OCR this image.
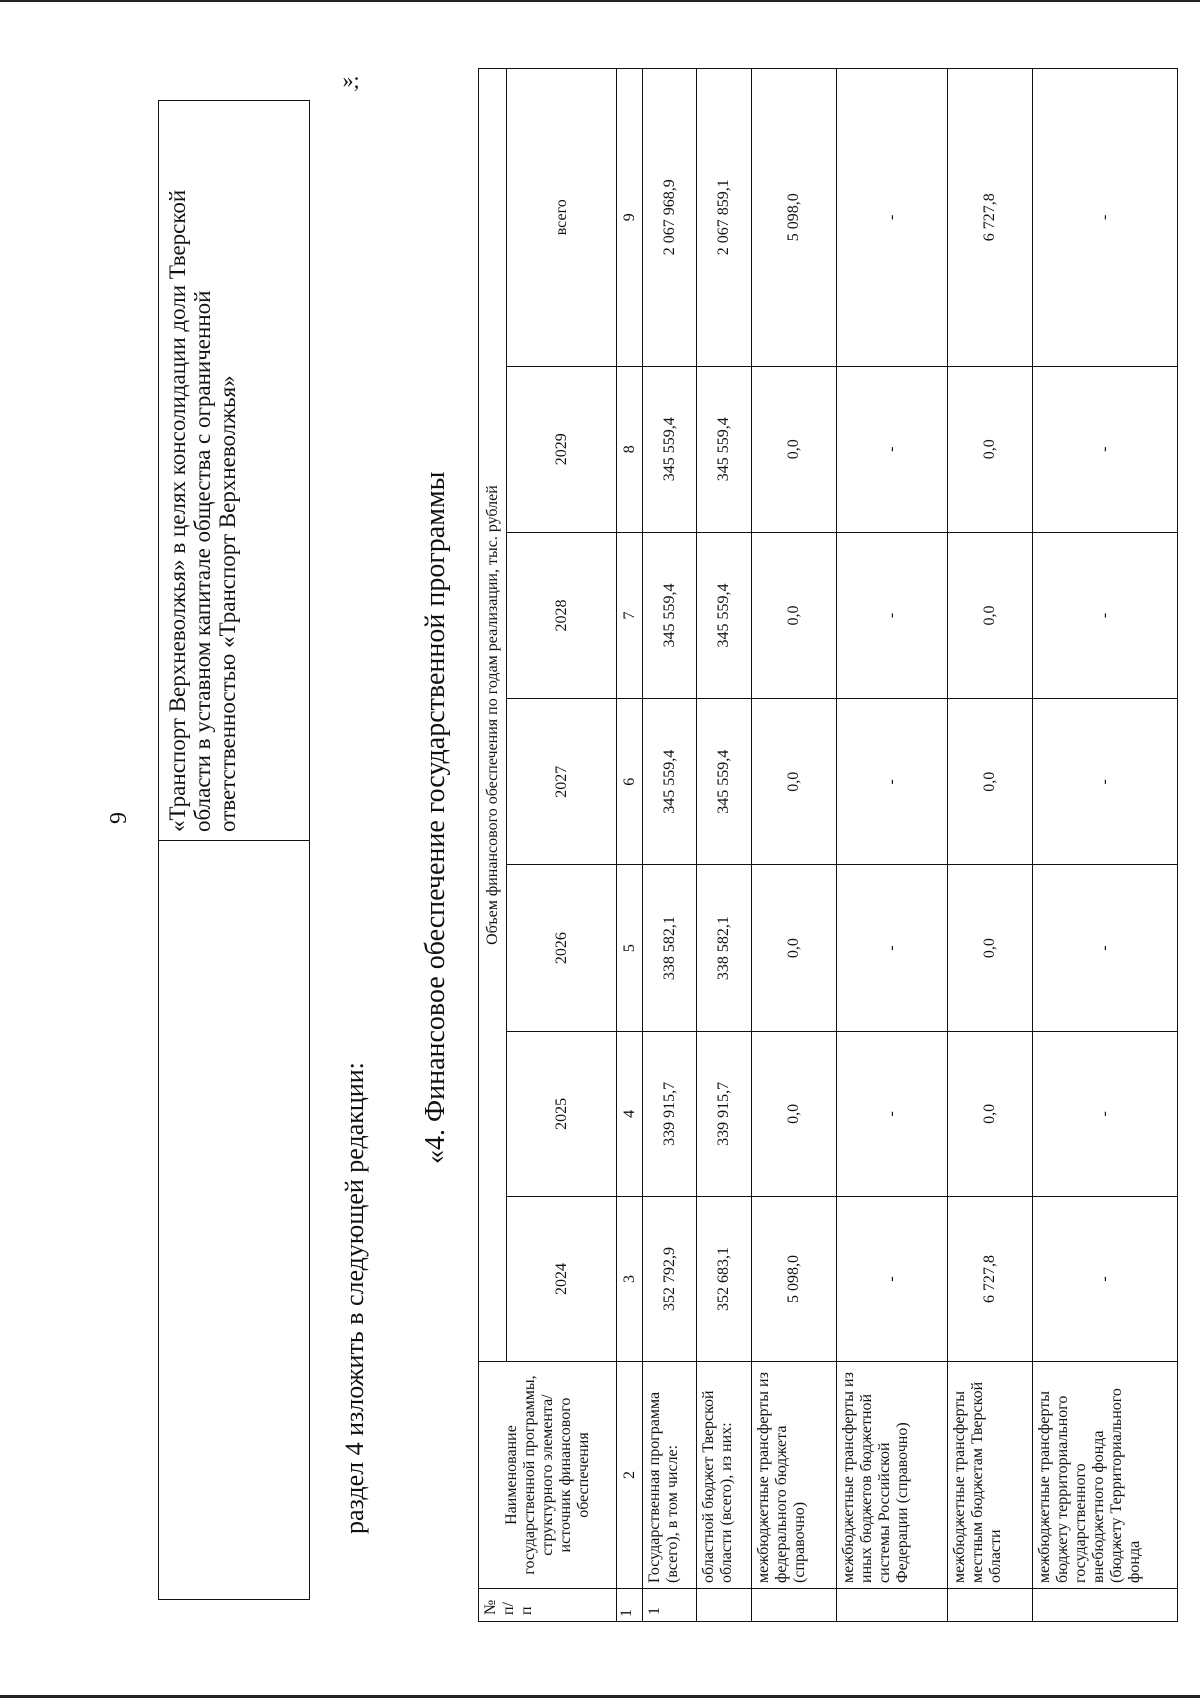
9
»;
	«Транспорт Верхневолжья» в целях консолидации доли Тверской области в уставном капитале общества с ограниченной ответственностью «Транспорт Верхневолжья»
раздел 4 изложить в следующей редакции:
«4. Финансовое обеспечение государственной программы
№ п/п	Наименование государственной программы, структурного элемента/ источник финансового обеспечения	Объем финансового обеспечения по годам реализации, тыс. рублей						
		2024	2025	2026	2027	2028	2029	всего
1	2	3	4	5	6	7	8	9
1	Государственная программа (всего), в том числе:	352 792,9	339 915,7	338 582,1	345 559,4	345 559,4	345 559,4	2 067 968,9
	областной бюджет Тверской области (всего), из них:	352 683,1	339 915,7	338 582,1	345 559,4	345 559,4	345 559,4	2 067 859,1
	межбюджетные трансферты из федерального бюджета (справочно)	5 098,0	0,0	0,0	0,0	0,0	0,0	5 098,0
	межбюджетные трансферты из иных бюджетов бюджетной системы Российской Федерации (справочно)	-	-	-	-	-	-	-
	межбюджетные трансферты местным бюджетам Тверской области	6 727,8	0,0	0,0	0,0	0,0	0,0	6 727,8
	межбюджетные трансферты бюджету территориального государственного внебюджетного фонда (бюджету Территориального фонда	-	-	-	-	-	-	-
